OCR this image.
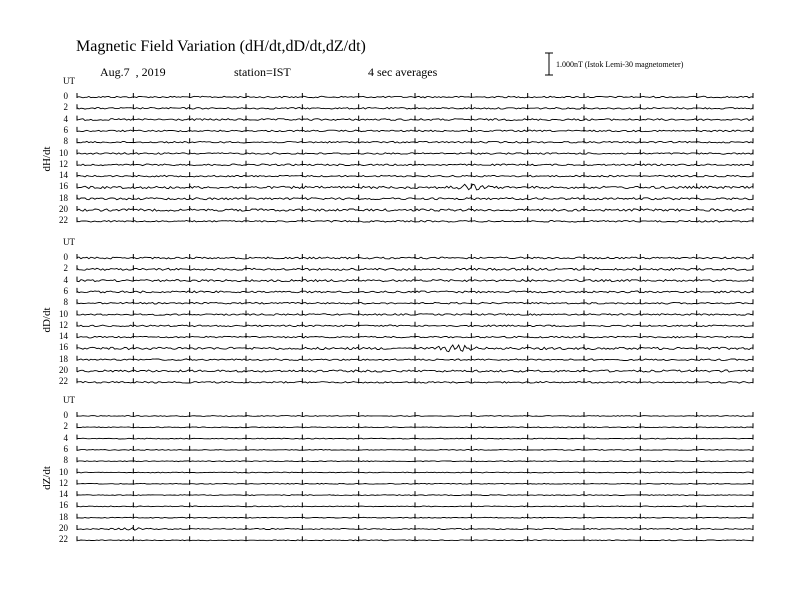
Magnetic Field Variation (dH/dt,dD/dt,dZ/dt)
Aug.7  , 2019	station=IST	4 sec averages
1.000nT (Istok Lemi-30 magnetometer)
UT
dH/dt
0
2
4
6
8
10
12
14
16
18
20
22
UT
dD/dt
0
2
4
6
8
10
12
14
16
18
20
22
UT
dZ/dt
0
2
4
6
8
10
12
14
16
18
20
22
